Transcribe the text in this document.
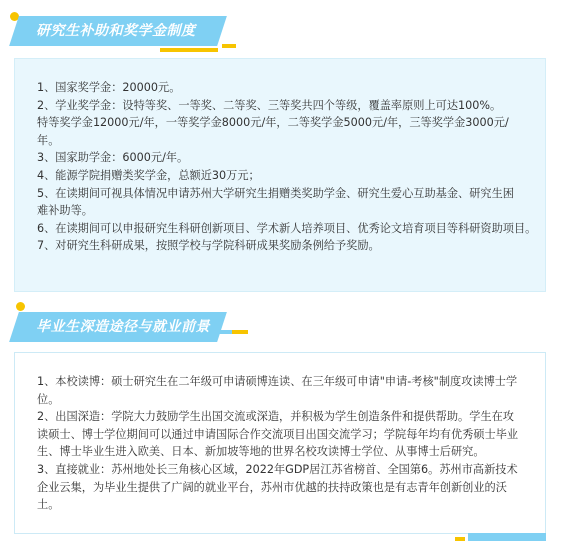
研究生补助和奖学金制度
1、国家奖学金：20000元。
2、学业奖学金：设特等奖、一等奖、二等奖、三等奖共四个等级，覆盖率原则上可达100%。
特等奖学金12000元/年，一等奖学金8000元/年，二等奖学金5000元/年，三等奖学金3000元/
年。
3、国家助学金：6000元/年。
4、能源学院捐赠类奖学金，总额近30万元；
5、在读期间可视具体情况申请苏州大学研究生捐赠类奖助学金、研究生爱心互助基金、研究生困
难补助等。
6、在读期间可以申报研究生科研创新项目、学术新人培养项目、优秀论文培育项目等科研资助项目。
7、对研究生科研成果，按照学校与学院科研成果奖励条例给予奖励。
毕业生深造途径与就业前景
1、本校读博：硕士研究生在二年级可申请硕博连读、在三年级可申请"申请-考核"制度攻读博士学
位。
2、出国深造：学院大力鼓励学生出国交流或深造，并积极为学生创造条件和提供帮助。学生在攻
读硕士、博士学位期间可以通过申请国际合作交流项目出国交流学习；学院每年均有优秀硕士毕业
生、博士毕业生进入欧美、日本、新加坡等地的世界名校攻读博士学位、从事博士后研究。
3、直接就业：苏州地处长三角核心区域，2022年GDP居江苏省榜首、全国第6。苏州市高新技术
企业云集，为毕业生提供了广阔的就业平台，苏州市优越的扶持政策也是有志青年创新创业的沃
土。
